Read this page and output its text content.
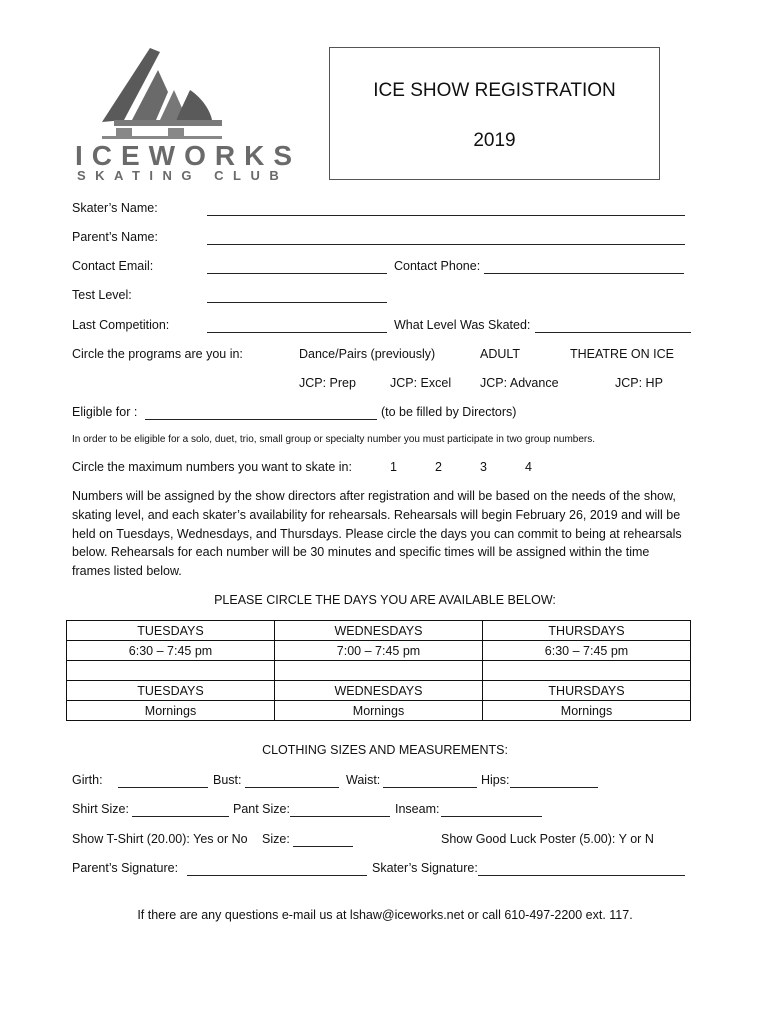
ICEWORKS
SKATING CLUB
ICE SHOW REGISTRATION
2019
Skater’s Name:
Parent’s Name:
Contact Email:	Contact Phone:
Test Level:
Last Competition:	What Level Was Skated:
Circle the programs are you in:	Dance/Pairs (previously)	ADULT	THEATRE ON ICE
JCP: Prep	JCP: Excel JCP: Advance	JCP: HP
Eligible for :	(to be filled by Directors)
In order to be eligible for a solo, duet, trio, small group or specialty number you must participate in two group numbers.
Circle the maximum numbers you want to skate in:	1	2	3	4
Numbers will be assigned by the show directors after registration and will be based on the needs of the show,
skating level, and each skater’s availability for rehearsals. Rehearsals will begin February 26, 2019 and will be
held on Tuesdays, Wednesdays, and Thursdays. Please circle the days you can commit to being at rehearsals
below. Rehearsals for each number will be 30 minutes and specific times will be assigned within the time
frames listed below.
PLEASE CIRCLE THE DAYS YOU ARE AVAILABLE BELOW:
TUESDAYS	WEDNESDAYS	THURSDAYS
6:30 – 7:45 pm	7:00 – 7:45 pm	6:30 – 7:45 pm

TUESDAYS	WEDNESDAYS	THURSDAYS
Mornings	Mornings	Mornings
CLOTHING SIZES AND MEASUREMENTS:
Girth:	Bust:	Waist:	Hips:
Shirt Size:	Pant Size:	Inseam:
Show T-Shirt (20.00): Yes or No Size:	Show Good Luck Poster (5.00): Y or N
Parent’s Signature:	Skater’s Signature:
If there are any questions e-mail us at lshaw@iceworks.net or call 610-497-2200 ext. 117.
